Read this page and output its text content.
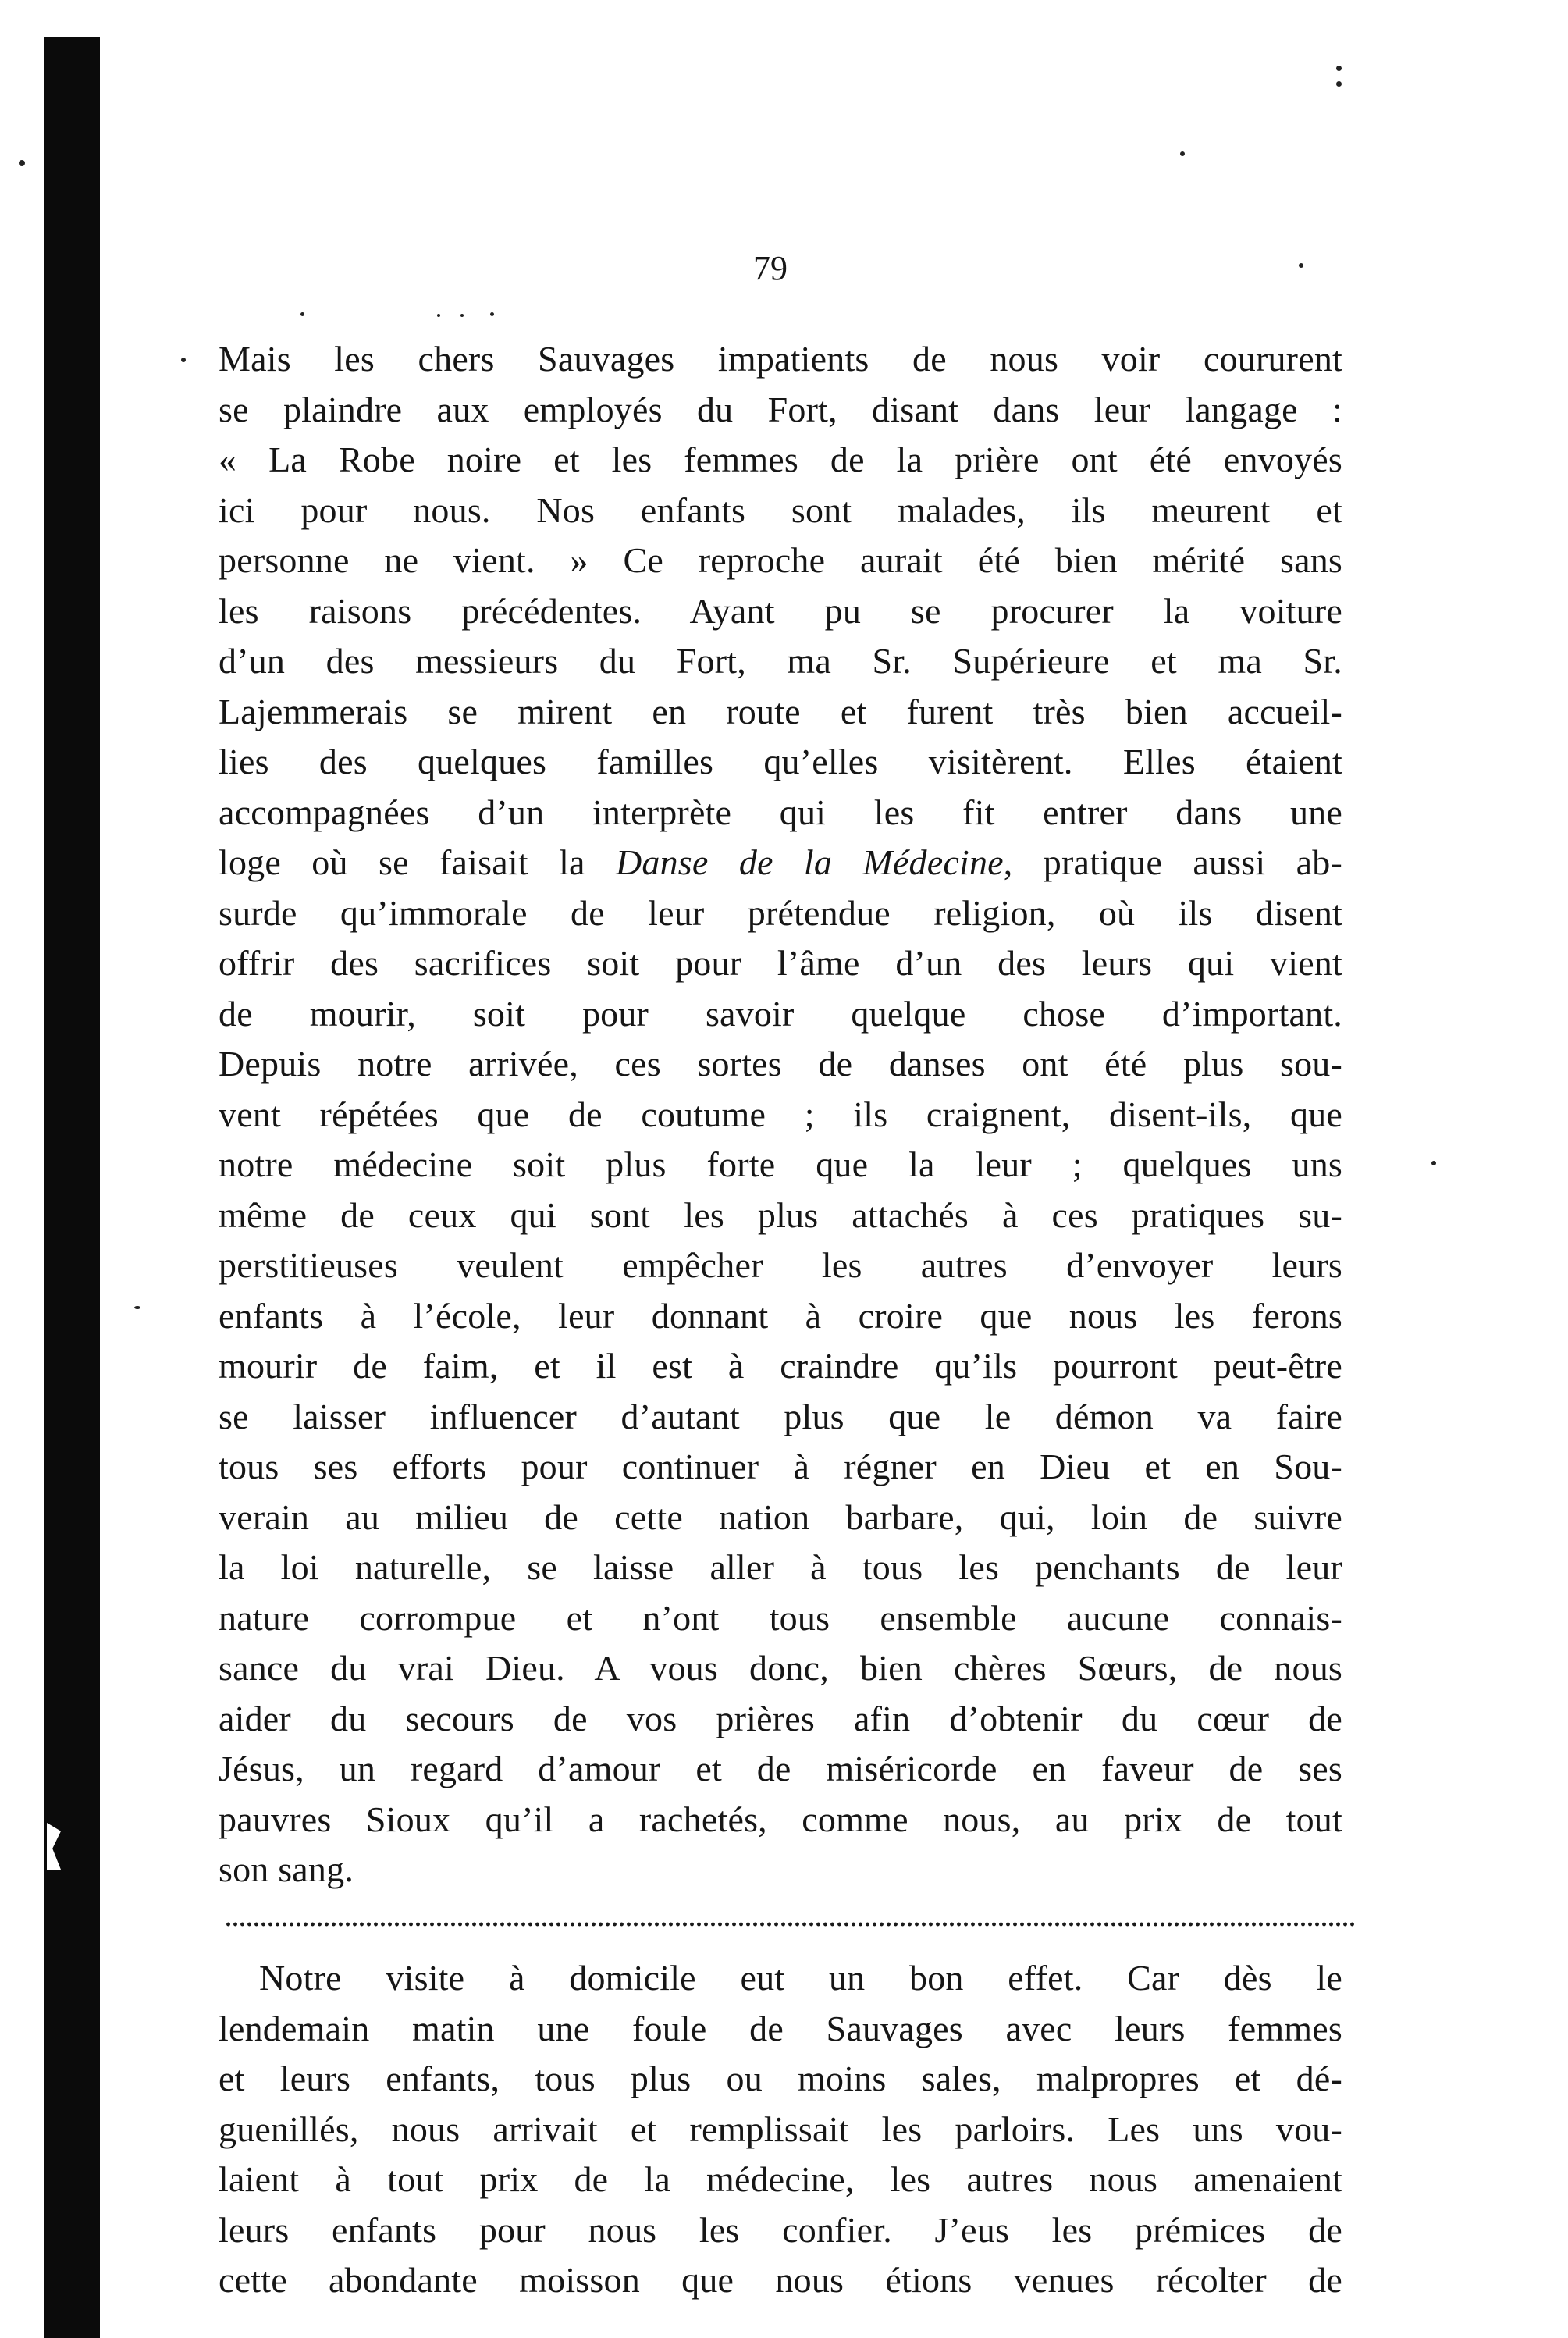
79
Mais les chers Sauvages impatients de nous voir coururent
se plaindre aux employés du Fort, disant dans leur langage :
« La Robe noire et les femmes de la prière ont été envoyés
ici pour nous. Nos enfants sont malades, ils meurent et
personne ne vient. » Ce reproche aurait été bien mérité sans
les raisons précédentes. Ayant pu se procurer la voiture
d’un des messieurs du Fort, ma Sr. Supérieure et ma Sr.
Lajemmerais se mirent en route et furent très bien accueil-
lies des quelques familles qu’elles visitèrent. Elles étaient
accompagnées d’un interprète qui les fit entrer dans une
loge où se faisait la Danse de la Médecine, pratique aussi ab-
surde qu’immorale de leur prétendue religion, où ils disent
offrir des sacrifices soit pour l’âme d’un des leurs qui vient
de mourir, soit pour savoir quelque chose d’important.
Depuis notre arrivée, ces sortes de danses ont été plus sou-
vent répétées que de coutume ; ils craignent, disent-ils, que
notre médecine soit plus forte que la leur ; quelques uns
même de ceux qui sont les plus attachés à ces pratiques su-
perstitieuses veulent empêcher les autres d’envoyer leurs
enfants à l’école, leur donnant à croire que nous les ferons
mourir de faim, et il est à craindre qu’ils pourront peut-être
se laisser influencer d’autant plus que le démon va faire
tous ses efforts pour continuer à régner en Dieu et en Sou-
verain au milieu de cette nation barbare, qui, loin de suivre
la loi naturelle, se laisse aller à tous les penchants de leur
nature corrompue et n’ont tous ensemble aucune connais-
sance du vrai Dieu. A vous donc, bien chères Sœurs, de nous
aider du secours de vos prières afin d’obtenir du cœur de
Jésus, un regard d’amour et de miséricorde en faveur de ses
pauvres Sioux qu’il a rachetés, comme nous, au prix de tout
son sang.
Notre visite à domicile eut un bon effet. Car dès le
lendemain matin une foule de Sauvages avec leurs femmes
et leurs enfants, tous plus ou moins sales, malpropres et dé-
guenillés, nous arrivait et remplissait les parloirs. Les uns vou-
laient à tout prix de la médecine, les autres nous amenaient
leurs enfants pour nous les confier. J’eus les prémices de
cette abondante moisson que nous étions venues récolter de
